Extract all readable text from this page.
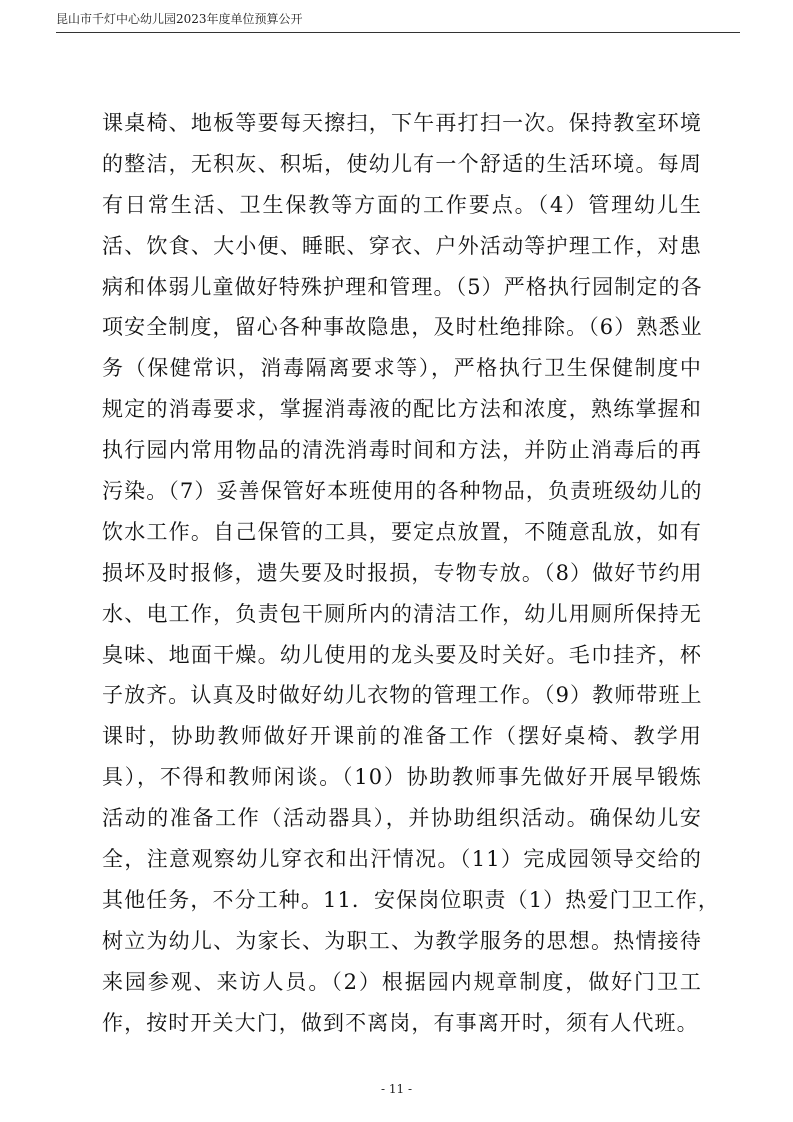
昆山市千灯中心幼儿园2023年度单位预算公开
课桌椅、地板等要每天擦扫，下午再打扫一次。保持教室环境
的整洁，无积灰、积垢，使幼儿有一个舒适的生活环境。每周
有日常生活、卫生保教等方面的工作要点。（4）管理幼儿生
活、饮食、大小便、睡眠、穿衣、户外活动等护理工作，对患
病和体弱儿童做好特殊护理和管理。（5）严格执行园制定的各
项安全制度，留心各种事故隐患，及时杜绝排除。（6）熟悉业
务（保健常识，消毒隔离要求等），严格执行卫生保健制度中
规定的消毒要求，掌握消毒液的配比方法和浓度，熟练掌握和
执行园内常用物品的清洗消毒时间和方法，并防止消毒后的再
污染。（7）妥善保管好本班使用的各种物品，负责班级幼儿的
饮水工作。自己保管的工具，要定点放置，不随意乱放，如有
损坏及时报修，遗失要及时报损，专物专放。（8）做好节约用
水、电工作，负责包干厕所内的清洁工作，幼儿用厕所保持无
臭味、地面干燥。幼儿使用的龙头要及时关好。毛巾挂齐，杯
子放齐。认真及时做好幼儿衣物的管理工作。（9）教师带班上
课时，协助教师做好开课前的准备工作（摆好桌椅、教学用
具），不得和教师闲谈。（10）协助教师事先做好开展早锻炼
活动的准备工作（活动器具），并协助组织活动。确保幼儿安
全，注意观察幼儿穿衣和出汗情况。（11）完成园领导交给的
其他任务，不分工种。11．安保岗位职责（1）热爱门卫工作，
树立为幼儿、为家长、为职工、为教学服务的思想。热情接待
来园参观、来访人员。（2）根据园内规章制度，做好门卫工
作，按时开关大门，做到不离岗，有事离开时，须有人代班。
- 11 -
